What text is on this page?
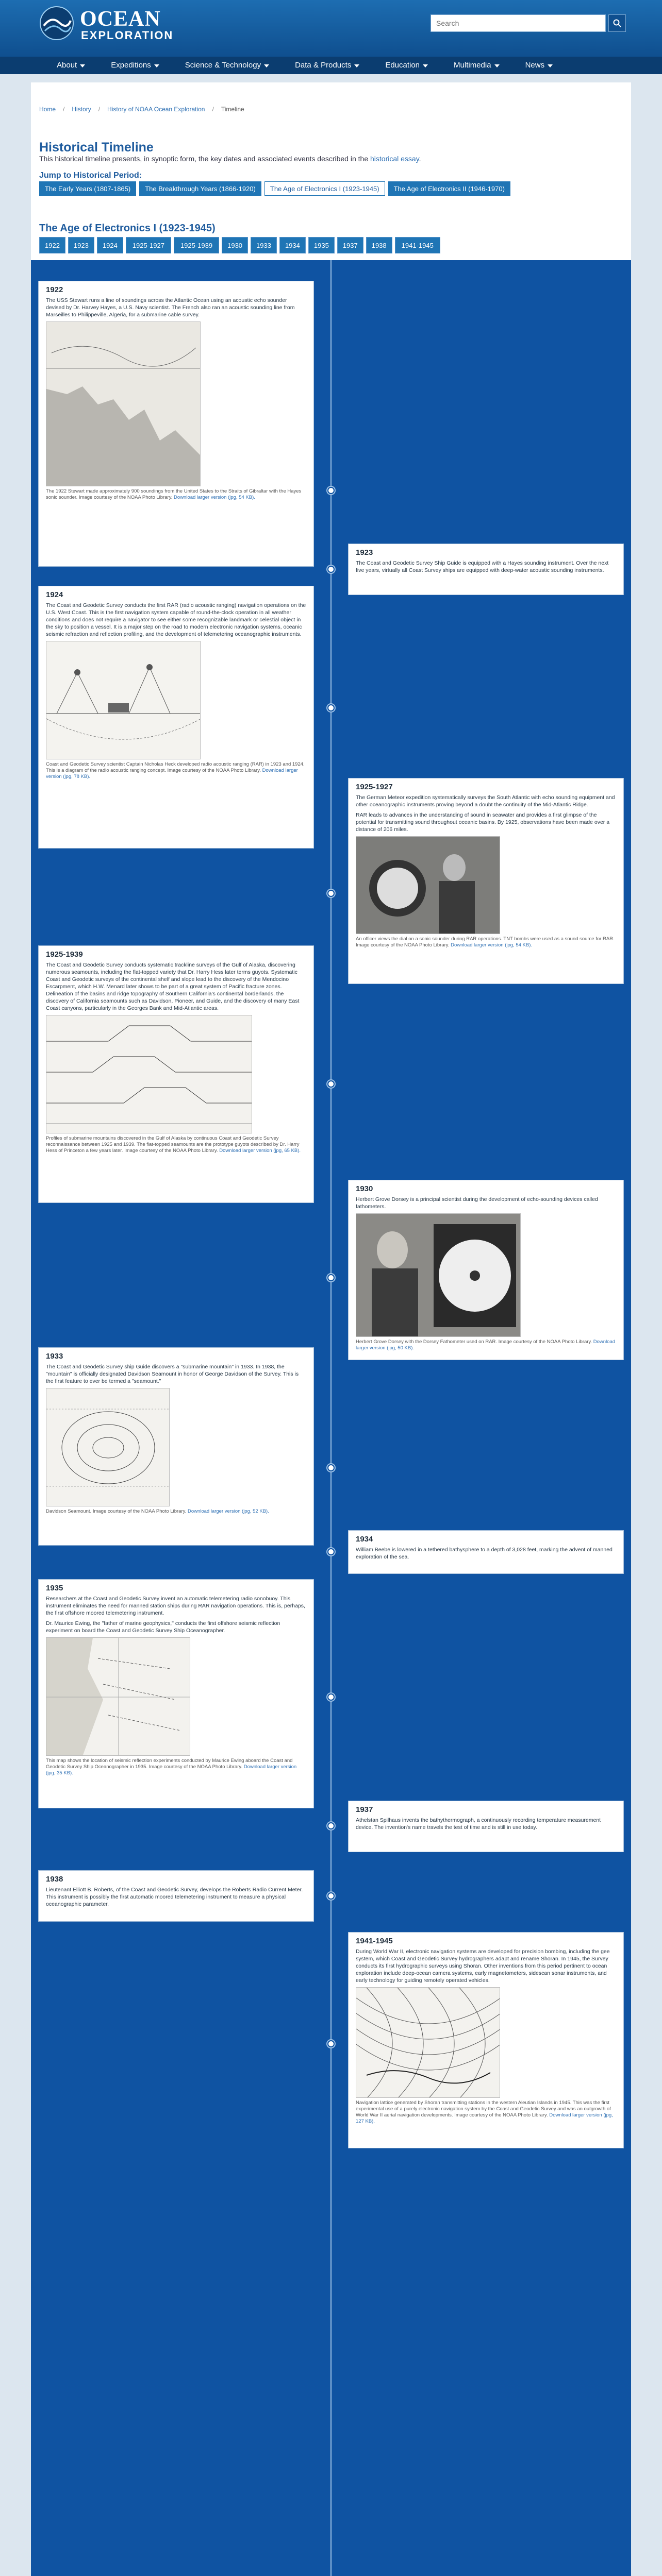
OCEAN
EXPLORATION
Search
About	Expeditions	Science & Technology	Data & Products	Education	Multimedia	News
Home / History / History of NOAA Ocean Exploration / Timeline
Historical Timeline
This historical timeline presents, in synoptic form, the key dates and associated events described in the historical essay.
Jump to Historical Period:
The Early Years (1807-1865)	The Breakthrough Years (1866-1920)	The Age of Electronics I (1923-1945)	The Age of Electronics II (1946-1970)
The Age of Electronics I (1923-1945)
1922	1923	1924	1925-1927	1925-1939	1930	1933	1934	1935	1937	1938	1941-1945
1922

The USS Stewart runs a line of soundings across the Atlantic Ocean using an acoustic echo sounder devised by Dr. Harvey Hayes, a U.S. Navy scientist. The French also ran an acoustic sounding line from Marseilles to Philippeville, Algeria, for a submarine cable survey.

The 1922 Stewart made approximately 900 soundings from the United States to the Straits of Gibraltar with the Hayes sonic sounder. Image courtesy of the NOAA Photo Library. Download larger version (jpg, 54 KB).
1923

The Coast and Geodetic Survey Ship Guide is equipped with a Hayes sounding instrument. Over the next five years, virtually all Coast Survey ships are equipped with deep-water acoustic sounding instruments.

1924

The Coast and Geodetic Survey conducts the first RAR (radio acoustic ranging) navigation operations on the U.S. West Coast. This is the first navigation system capable of round-the-clock operation in all weather conditions and does not require a navigator to see either some recognizable landmark or celestial object in the sky to position a vessel. It is a major step on the road to modern electronic navigation systems, oceanic seismic refraction and reflection profiling, and the development of telemetering oceanographic instruments.

Coast and Geodetic Survey scientist Captain Nicholas Heck developed radio acoustic ranging (RAR) in 1923 and 1924. This is a diagram of the radio acoustic ranging concept. Image courtesy of the NOAA Photo Library. Download larger version (jpg, 78 KB).
1925-1927

The German Meteor expedition systematically surveys the South Atlantic with echo sounding equipment and other oceanographic instruments proving beyond a doubt the continuity of the Mid-Atlantic Ridge.

RAR leads to advances in the understanding of sound in seawater and provides a first glimpse of the potential for transmitting sound throughout oceanic basins. By 1925, observations have been made over a distance of 206 miles.

An officer views the dial on a sonic sounder during RAR operations. TNT bombs were used as a sound source for RAR. Image courtesy of the NOAA Photo Library. Download larger version (jpg, 54 KB).
1925-1939

The Coast and Geodetic Survey conducts systematic trackline surveys of the Gulf of Alaska, discovering numerous seamounts, including the flat-topped variety that Dr. Harry Hess later terms guyots. Systematic Coast and Geodetic surveys of the continental shelf and slope lead to the discovery of the Mendocino Escarpment, which H.W. Menard later shows to be part of a great system of Pacific fracture zones. Delineation of the basins and ridge topography of Southern California's continental borderlands, the discovery of California seamounts such as Davidson, Pioneer, and Guide, and the discovery of many East Coast canyons, particularly in the Georges Bank and Mid-Atlantic areas.

Profiles of submarine mountains discovered in the Gulf of Alaska by continuous Coast and Geodetic Survey reconnaissance between 1925 and 1939. The flat-topped seamounts are the prototype guyots described by Dr. Harry Hess of Princeton a few years later. Image courtesy of the NOAA Photo Library. Download larger version (jpg, 65 KB).
1930

Herbert Grove Dorsey is a principal scientist during the development of echo-sounding devices called fathometers.

Herbert Grove Dorsey with the Dorsey Fathometer used on RAR. Image courtesy of the NOAA Photo Library. Download larger version (jpg, 50 KB).
1933

The Coast and Geodetic Survey ship Guide discovers a "submarine mountain" in 1933. In 1938, the "mountain" is officially designated Davidson Seamount in honor of George Davidson of the Survey. This is the first feature to ever be termed a "seamount."

Davidson Seamount. Image courtesy of the NOAA Photo Library. Download larger version (jpg, 52 KB).
1934

William Beebe is lowered in a tethered bathysphere to a depth of 3,028 feet, marking the advent of manned exploration of the sea.

1935

Researchers at the Coast and Geodetic Survey invent an automatic telemetering radio sonobuoy. This instrument eliminates the need for manned station ships during RAR navigation operations. This is, perhaps, the first offshore moored telemetering instrument.

Dr. Maurice Ewing, the "father of marine geophysics," conducts the first offshore seismic reflection experiment on board the Coast and Geodetic Survey Ship Oceanographer.

This map shows the location of seismic reflection experiments conducted by Maurice Ewing aboard the Coast and Geodetic Survey Ship Oceanographer in 1935. Image courtesy of the NOAA Photo Library. Download larger version (jpg, 35 KB).
1937

Athelstan Spilhaus invents the bathythermograph, a continuously recording temperature measurement device. The invention's name travels the test of time and is still in use today.

1938

Lieutenant Elliott B. Roberts, of the Coast and Geodetic Survey, develops the Roberts Radio Current Meter. This instrument is possibly the first automatic moored telemetering instrument to measure a physical oceanographic parameter.

1941-1945

During World War II, electronic navigation systems are developed for precision bombing, including the gee system, which Coast and Geodetic Survey hydrographers adapt and rename Shoran. In 1945, the Survey conducts its first hydrographic surveys using Shoran. Other inventions from this period pertinent to ocean exploration include deep-ocean camera systems, early magnetometers, sidescan sonar instruments, and early technology for guiding remotely operated vehicles.

Navigation lattice generated by Shoran transmitting stations in the western Aleutian Islands in 1945. This was the first experimental use of a purely electronic navigation system by the Coast and Geodetic Survey and was an outgrowth of World War II aerial navigation developments. Image courtesy of the NOAA Photo Library. Download larger version (jpg, 127 KB).
